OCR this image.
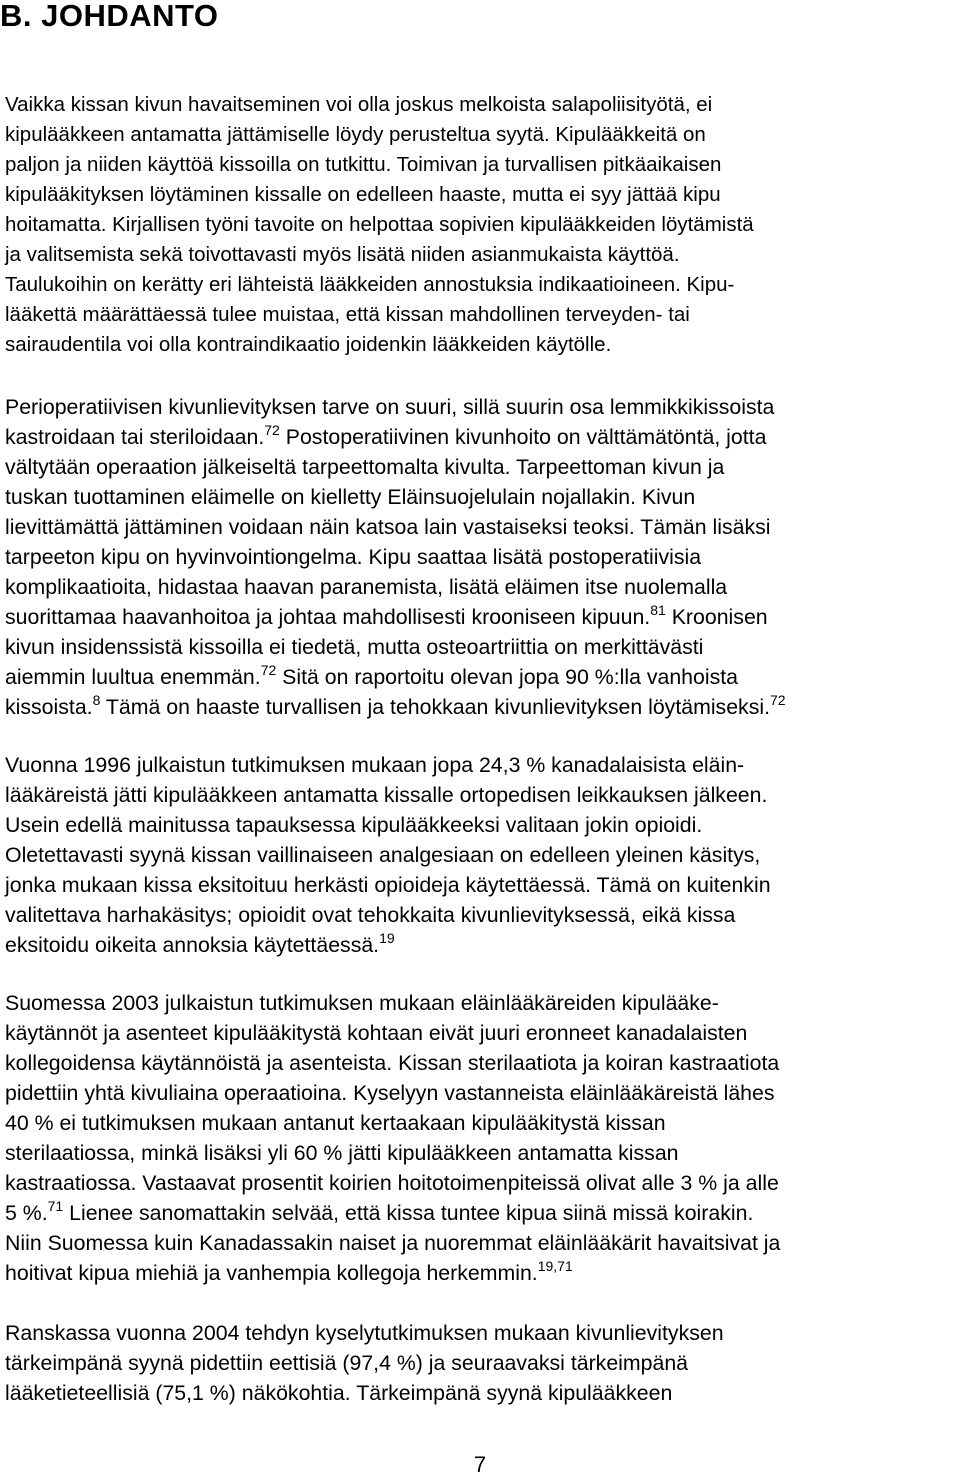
B. JOHDANTO
Vaikka kissan kivun havaitseminen voi olla joskus melkoista salapoliisityötä, ei
kipulääkkeen antamatta jättämiselle löydy perusteltua syytä. Kipulääkkeitä on
paljon ja niiden käyttöä kissoilla on tutkittu. Toimivan ja turvallisen pitkäaikaisen
kipulääkityksen löytäminen kissalle on edelleen haaste, mutta ei syy jättää kipu
hoitamatta. Kirjallisen työni tavoite on helpottaa sopivien kipulääkkeiden löytämistä
ja valitsemista sekä toivottavasti myös lisätä niiden asianmukaista käyttöä.
Taulukoihin on kerätty eri lähteistä lääkkeiden annostuksia indikaatioineen. Kipu-
lääkettä määrättäessä tulee muistaa, että kissan mahdollinen terveyden- tai
sairaudentila voi olla kontraindikaatio joidenkin lääkkeiden käytölle.
Perioperatiivisen kivunlievityksen tarve on suuri, sillä suurin osa lemmikkikissoista
kastroidaan tai steriloidaan.$^{72}$ Postoperatiivinen kivunhoito on välttämätöntä, jotta
vältytään operaation jälkeiseltä tarpeettomalta kivulta. Tarpeettoman kivun ja
tuskan tuottaminen eläimelle on kielletty Eläinsuojelulain nojallakin. Kivun
lievittämättä jättäminen voidaan näin katsoa lain vastaiseksi teoksi. Tämän lisäksi
tarpeeton kipu on hyvinvointiongelma. Kipu saattaa lisätä postoperatiivisia
komplikaatioita, hidastaa haavan paranemista, lisätä eläimen itse nuolemalla
suorittamaa haavanhoitoa ja johtaa mahdollisesti krooniseen kipuun.$^{81}$ Kroonisen
kivun insidenssistä kissoilla ei tiedetä, mutta osteoartriittia on merkittävästi
aiemmin luultua enemmän.$^{72}$ Sitä on raportoitu olevan jopa 90 %:lla vanhoista
kissoista.$^8$ Tämä on haaste turvallisen ja tehokkaan kivunlievityksen löytämiseksi.$^{72}$
Vuonna 1996 julkaistun tutkimuksen mukaan jopa 24,3 % kanadalaisista eläin-
lääkäreistä jätti kipulääkkeen antamatta kissalle ortopedisen leikkauksen jälkeen.
Usein edellä mainitussa tapauksessa kipulääkkeeksi valitaan jokin opioidi.
Oletettavasti syynä kissan vaillinaiseen analgesiaan on edelleen yleinen käsitys,
jonka mukaan kissa eksitoituu herkästi opioideja käytettäessä. Tämä on kuitenkin
valitettava harhakäsitys; opioidit ovat tehokkaita kivunlievityksessä, eikä kissa
eksitoidu oikeita annoksia käytettäessä.$^{19}$
Suomessa 2003 julkaistun tutkimuksen mukaan eläinlääkäreiden kipulääke-
käytännöt ja asenteet kipulääkitystä kohtaan eivät juuri eronneet kanadalaisten
kollegoidensa käytännöistä ja asenteista. Kissan sterilaatiota ja koiran kastraatiota
pidettiin yhtä kivuliaina operaatioina. Kyselyyn vastanneista eläinlääkäreistä lähes
40 % ei tutkimuksen mukaan antanut kertaakaan kipulääkitystä kissan
sterilaatiossa, minkä lisäksi yli 60 % jätti kipulääkkeen antamatta kissan
kastraatiossa. Vastaavat prosentit koirien hoitotoimenpiteissä olivat alle 3 % ja alle
5 %.$^{71}$ Lienee sanomattakin selvää, että kissa tuntee kipua siinä missä koirakin.
Niin Suomessa kuin Kanadassakin naiset ja nuoremmat eläinlääkärit havaitsivat ja
hoitivat kipua miehiä ja vanhempia kollegoja herkemmin.$^{19,71}$
Ranskassa vuonna 2004 tehdyn kyselytutkimuksen mukaan kivunlievityksen
tärkeimpänä syynä pidettiin eettisiä (97,4 %) ja seuraavaksi tärkeimpänä
lääketieteellisiä (75,1 %) näkökohtia. Tärkeimpänä syynä kipulääkkeen
7
